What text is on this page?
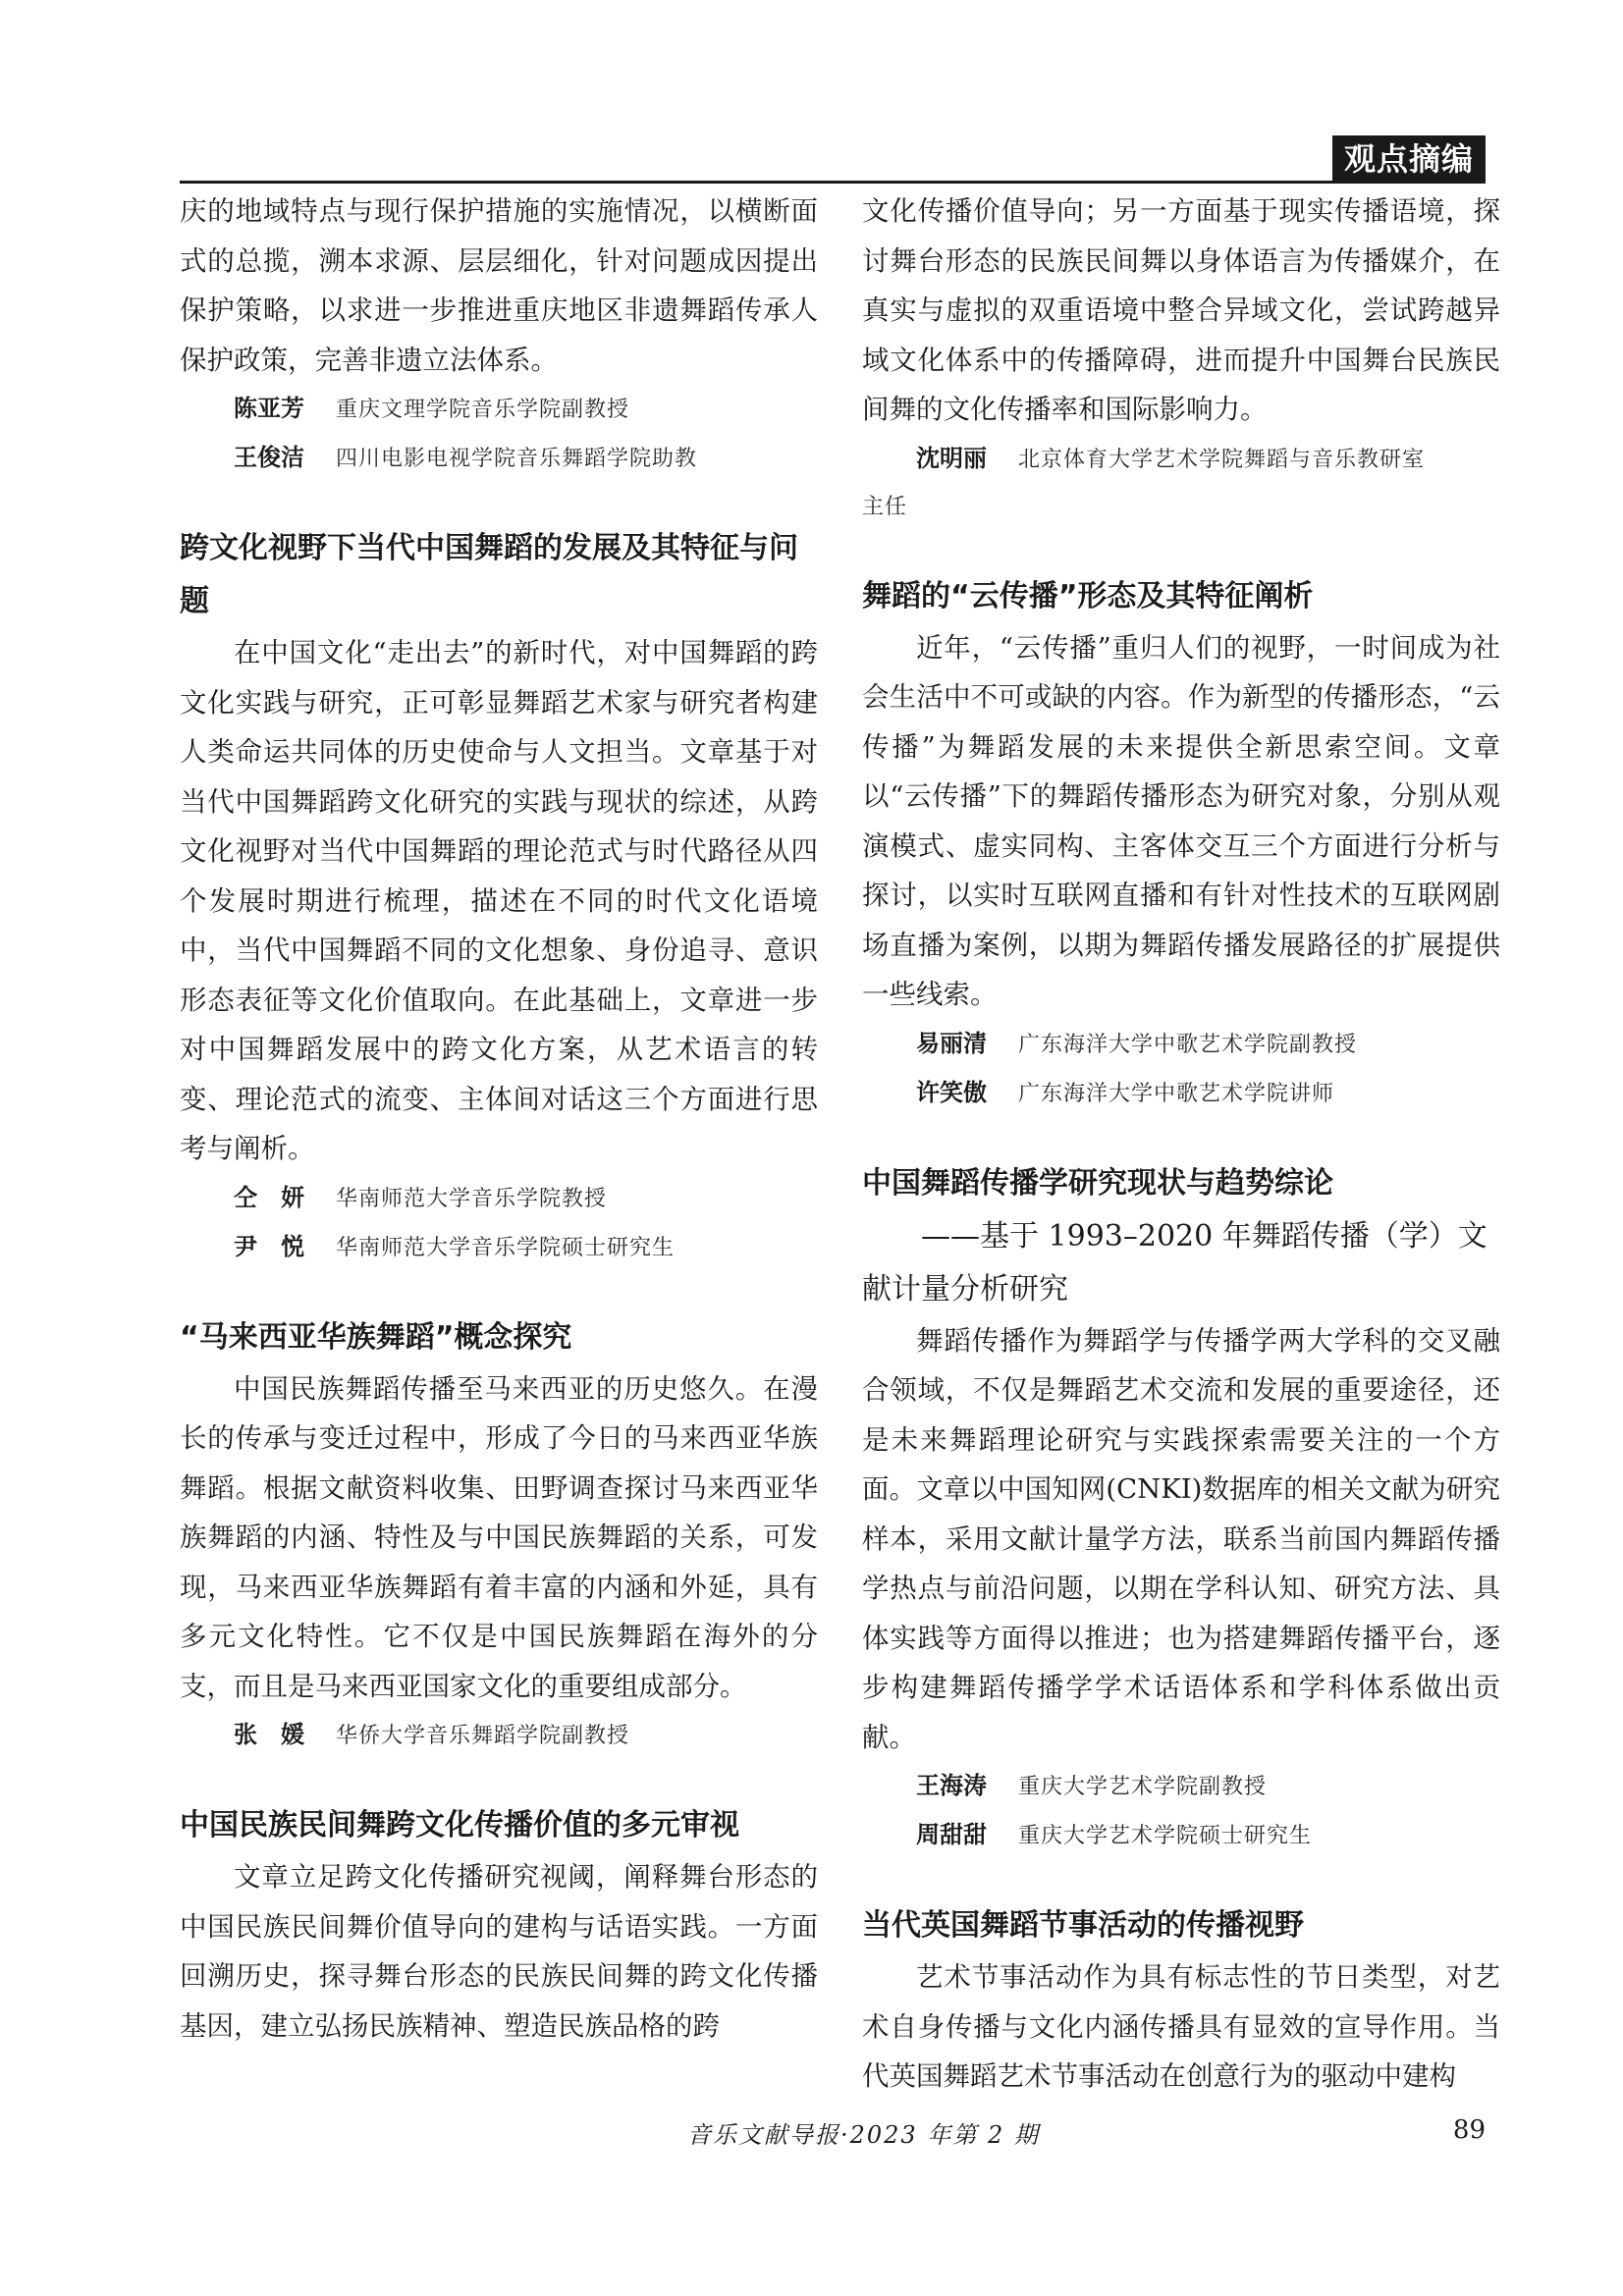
观点摘编

庆的地域特点与现行保护措施的实施情况，以横断面式的总揽，溯本求源、层层细化，针对问题成因提出保护策略，以求进一步推进重庆地区非遗舞蹈传承人保护政策，完善非遗立法体系。

陈亚芳 重庆文理学院音乐学院副教授

王俊洁 四川电影电视学院音乐舞蹈学院助教

跨文化视野下当代中国舞蹈的发展及其特征与问题

在中国文化“走出去”的新时代，对中国舞蹈的跨文化实践与研究，正可彰显舞蹈艺术家与研究者构建人类命运共同体的历史使命与人文担当。文章基于对当代中国舞蹈跨文化研究的实践与现状的综述，从跨文化视野对当代中国舞蹈的理论范式与时代路径从四个发展时期进行梳理，描述在不同的时代文化语境中，当代中国舞蹈不同的文化想象、身份追寻、意识形态表征等文化价值取向。在此基础上，文章进一步对中国舞蹈发展中的跨文化方案，从艺术语言的转变、理论范式的流变、主体间对话这三个方面进行思考与阐析。

仝　妍 华南师范大学音乐学院教授

尹　悦 华南师范大学音乐学院硕士研究生

“马来西亚华族舞蹈”概念探究

中国民族舞蹈传播至马来西亚的历史悠久。在漫长的传承与变迁过程中，形成了今日的马来西亚华族舞蹈。根据文献资料收集、田野调查探讨马来西亚华族舞蹈的内涵、特性及与中国民族舞蹈的关系，可发现，马来西亚华族舞蹈有着丰富的内涵和外延，具有多元文化特性。它不仅是中国民族舞蹈在海外的分支，而且是马来西亚国家文化的重要组成部分。

张　媛 华侨大学音乐舞蹈学院副教授

中国民族民间舞跨文化传播价值的多元审视

文章立足跨文化传播研究视阈，阐释舞台形态的中国民族民间舞价值导向的建构与话语实践。一方面回溯历史，探寻舞台形态的民族民间舞的跨文化传播基因，建立弘扬民族精神、塑造民族品格的跨

文化传播价值导向；另一方面基于现实传播语境，探讨舞台形态的民族民间舞以身体语言为传播媒介，在真实与虚拟的双重语境中整合异域文化，尝试跨越异域文化体系中的传播障碍，进而提升中国舞台民族民间舞的文化传播率和国际影响力。

沈明丽 北京体育大学艺术学院舞蹈与音乐教研室
主任

舞蹈的“云传播”形态及其特征阐析

近年，“云传播”重归人们的视野，一时间成为社会生活中不可或缺的内容。作为新型的传播形态，“云传播”为舞蹈发展的未来提供全新思索空间。文章以“云传播”下的舞蹈传播形态为研究对象，分别从观演模式、虚实同构、主客体交互三个方面进行分析与探讨，以实时互联网直播和有针对性技术的互联网剧场直播为案例，以期为舞蹈传播发展路径的扩展提供一些线索。

易丽清 广东海洋大学中歌艺术学院副教授

许笑傲 广东海洋大学中歌艺术学院讲师

中国舞蹈传播学研究现状与趋势综论

——基于 1993–2020 年舞蹈传播（学）文

献计量分析研究

舞蹈传播作为舞蹈学与传播学两大学科的交叉融合领域，不仅是舞蹈艺术交流和发展的重要途径，还是未来舞蹈理论研究与实践探索需要关注的一个方面。文章以中国知网(CNKI)数据库的相关文献为研究样本，采用文献计量学方法，联系当前国内舞蹈传播学热点与前沿问题，以期在学科认知、研究方法、具体实践等方面得以推进；也为搭建舞蹈传播平台，逐步构建舞蹈传播学学术话语体系和学科体系做出贡献。

王海涛 重庆大学艺术学院副教授

周甜甜 重庆大学艺术学院硕士研究生

当代英国舞蹈节事活动的传播视野

艺术节事活动作为具有标志性的节日类型，对艺术自身传播与文化内涵传播具有显效的宣导作用。当代英国舞蹈艺术节事活动在创意行为的驱动中建构

音乐文献导报·2023 年第 2 期	89
